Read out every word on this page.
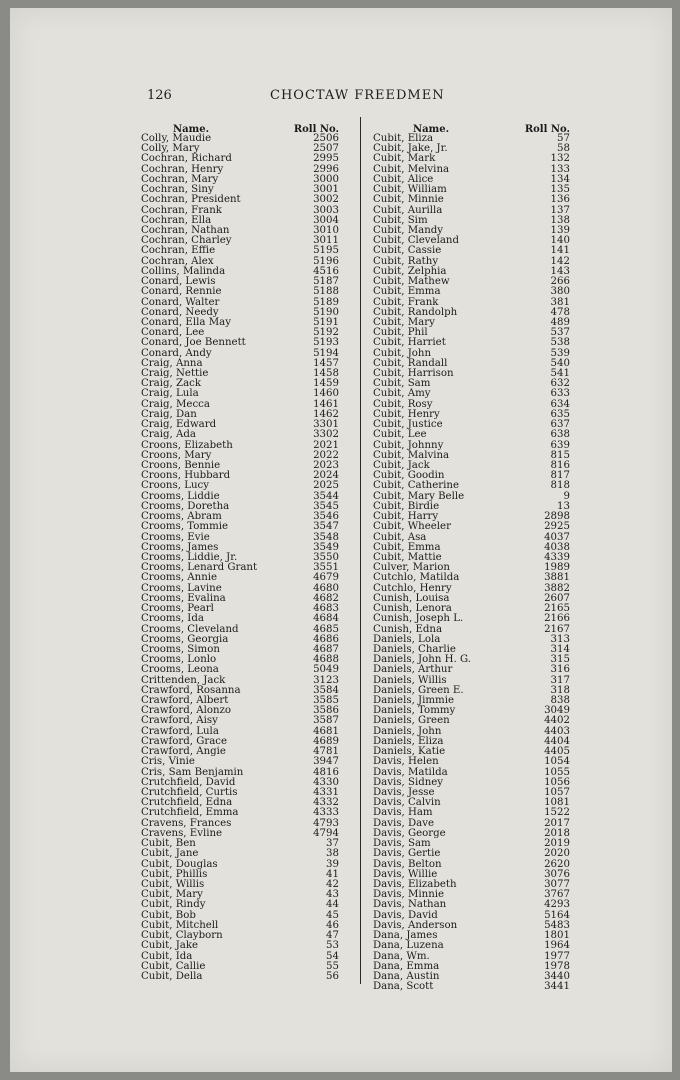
126	CHOCTAW FREEDMEN
Name.	Roll No.
Colly, Maudie	2506
Colly, Mary	2507
Cochran, Richard	2995
Cochran, Henry	2996
Cochran, Mary	3000
Cochran, Siny	3001
Cochran, President	3002
Cochran, Frank	3003
Cochran, Ella	3004
Cochran, Nathan	3010
Cochran, Charley	3011
Cochran, Effie	5195
Cochran, Alex	5196
Collins, Malinda	4516
Conard, Lewis	5187
Conard, Rennie	5188
Conard, Walter	5189
Conard, Needy	5190
Conard, Ella May	5191
Conard, Lee	5192
Conard, Joe Bennett	5193
Conard, Andy	5194
Craig, Anna	1457
Craig, Nettie	1458
Craig, Zack	1459
Craig, Lula	1460
Craig, Mecca	1461
Craig, Dan	1462
Craig, Edward	3301
Craig, Ada	3302
Croons, Elizabeth	2021
Croons, Mary	2022
Croons, Bennie	2023
Croons, Hubbard	2024
Croons, Lucy	2025
Crooms, Liddie	3544
Crooms, Doretha	3545
Crooms, Abram	3546
Crooms, Tommie	3547
Crooms, Evie	3548
Crooms, James	3549
Crooms, Liddie, Jr.	3550
Crooms, Lenard Grant	3551
Crooms, Annie	4679
Crooms, Lavine	4680
Crooms, Evalina	4682
Crooms, Pearl	4683
Crooms, Ida	4684
Crooms, Cleveland	4685
Crooms, Georgia	4686
Crooms, Simon	4687
Crooms, Lonlo	4688
Crooms, Leona	5049
Crittenden, Jack	3123
Crawford, Rosanna	3584
Crawford, Albert	3585
Crawford, Alonzo	3586
Crawford, Aisy	3587
Crawford, Lula	4681
Crawford, Grace	4689
Crawford, Angie	4781
Cris, Vinie	3947
Cris, Sam Benjamin	4816
Crutchfield, David	4330
Crutchfield, Curtis	4331
Crutchfield, Edna	4332
Crutchfield, Emma	4333
Cravens, Frances	4793
Cravens, Evline	4794
Cubit, Ben	37
Cubit, Jane	38
Cubit, Douglas	39
Cubit, Phillis	41
Cubit, Willis	42
Cubit, Mary	43
Cubit, Rindy	44
Cubit, Bob	45
Cubit, Mitchell	46
Cubit, Clayborn	47
Cubit, Jake	53
Cubit, Ida	54
Cubit, Callie	55
Cubit, Della	56
Name.	Roll No.
Cubit, Eliza	57
Cubit, Jake, Jr.	58
Cubit, Mark	132
Cubit, Melvina	133
Cubit, Alice	134
Cubit, William	135
Cubit, Minnie	136
Cubit, Aurilla	137
Cubit, Sim	138
Cubit, Mandy	139
Cubit, Cleveland	140
Cubit, Cassie	141
Cubit, Rathy	142
Cubit, Zelphia	143
Cubit, Mathew	266
Cubit, Emma	380
Cubit, Frank	381
Cubit, Randolph	478
Cubit, Mary	489
Cubit, Phil	537
Cubit, Harriet	538
Cubit, John	539
Cubit, Randall	540
Cubit, Harrison	541
Cubit, Sam	632
Cubit, Amy	633
Cubit, Rosy	634
Cubit, Henry	635
Cubit, Justice	637
Cubit, Lee	638
Cubit, Johnny	639
Cubit, Malvina	815
Cubit, Jack	816
Cubit, Goodin	817
Cubit, Catherine	818
Cubit, Mary Belle	9
Cubit, Birdie	13
Cubit, Harry	2898
Cubit, Wheeler	2925
Cubit, Asa	4037
Cubit, Emma	4038
Cubit, Mattie	4339
Culver, Marion	1989
Cutchlo, Matilda	3881
Cutchlo, Henry	3882
Cunish, Louisa	2607
Cunish, Lenora	2165
Cunish, Joseph L.	2166
Cunish, Edna	2167
Daniels, Lola	313
Daniels, Charlie	314
Daniels, John H. G.	315
Daniels, Arthur	316
Daniels, Willis	317
Daniels, Green E.	318
Daniels, Jimmie	838
Daniels, Tommy	3049
Daniels, Green	4402
Daniels, John	4403
Daniels, Eliza	4404
Daniels, Katie	4405
Davis, Helen	1054
Davis, Matilda	1055
Davis, Sidney	1056
Davis, Jesse	1057
Davis, Calvin	1081
Davis, Ham	1522
Davis, Dave	2017
Davis, George	2018
Davis, Sam	2019
Davis, Gertie	2020
Davis, Belton	2620
Davis, Willie	3076
Davis, Elizabeth	3077
Davis, Minnie	3767
Davis, Nathan	4293
Davis, David	5164
Davis, Anderson	5483
Dana, James	1801
Dana, Luzena	1964
Dana, Wm.	1977
Dana, Emma	1978
Dana, Austin	3440
Dana, Scott	3441
